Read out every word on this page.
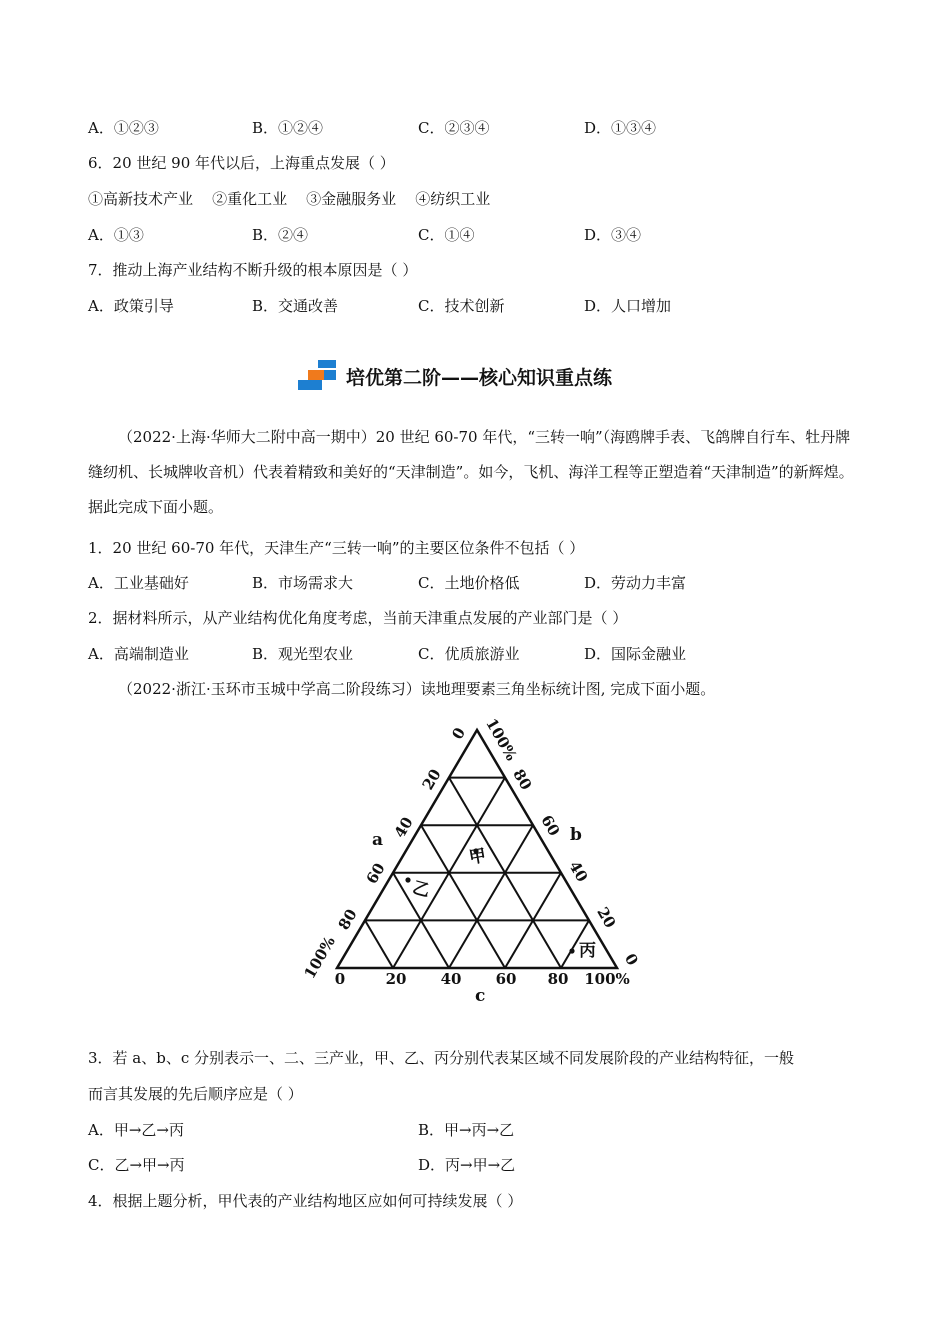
A．①②③	B．①②④	C．②③④	D．①③④
6．20 世纪 90 年代以后，上海重点发展（ ）
①高新技术产业    ②重化工业    ③金融服务业    ④纺织工业
A．①③	B．②④	C．①④	D．③④
7．推动上海产业结构不断升级的根本原因是（ ）
A．政策引导	B．交通改善	C．技术创新	D．人口增加
培优第二阶——核心知识重点练
（2022·上海·华师大二附中高一期中）20 世纪 60-70 年代，“三转一响”（海鸥牌手表、飞鸽牌自行车、牡丹牌缝纫机、长城牌收音机）代表着精致和美好的“天津制造”。如今，飞机、海洋工程等正塑造着“天津制造”的新辉煌。据此完成下面小题。
1．20 世纪 60-70 年代，天津生产“三转一响”的主要区位条件不包括（ ）
A．工业基础好	B．市场需求大	C．土地价格低	D．劳动力丰富
2．据材料所示，从产业结构优化角度考虑，当前天津重点发展的产业部门是（ ）
A．高端制造业	B．观光型农业	C．优质旅游业	D．国际金融业
（2022·浙江·玉环市玉城中学高二阶段练习）读地理要素三角坐标统计图, 完成下面小题。
0
20
40
60
80
100%
100%
80
60
40
20
0
0	20 40 60 80 100%
a	b
c
甲
乙
丙
3．若 a、b、c 分别表示一、二、三产业，甲、乙、丙分别代表某区域不同发展阶段的产业结构特征，一般
而言其发展的先后顺序应是（ ）
A．甲→乙→丙	B．甲→丙→乙
C．乙→甲→丙	D．丙→甲→乙
4．根据上题分析，甲代表的产业结构地区应如何可持续发展（ ）
